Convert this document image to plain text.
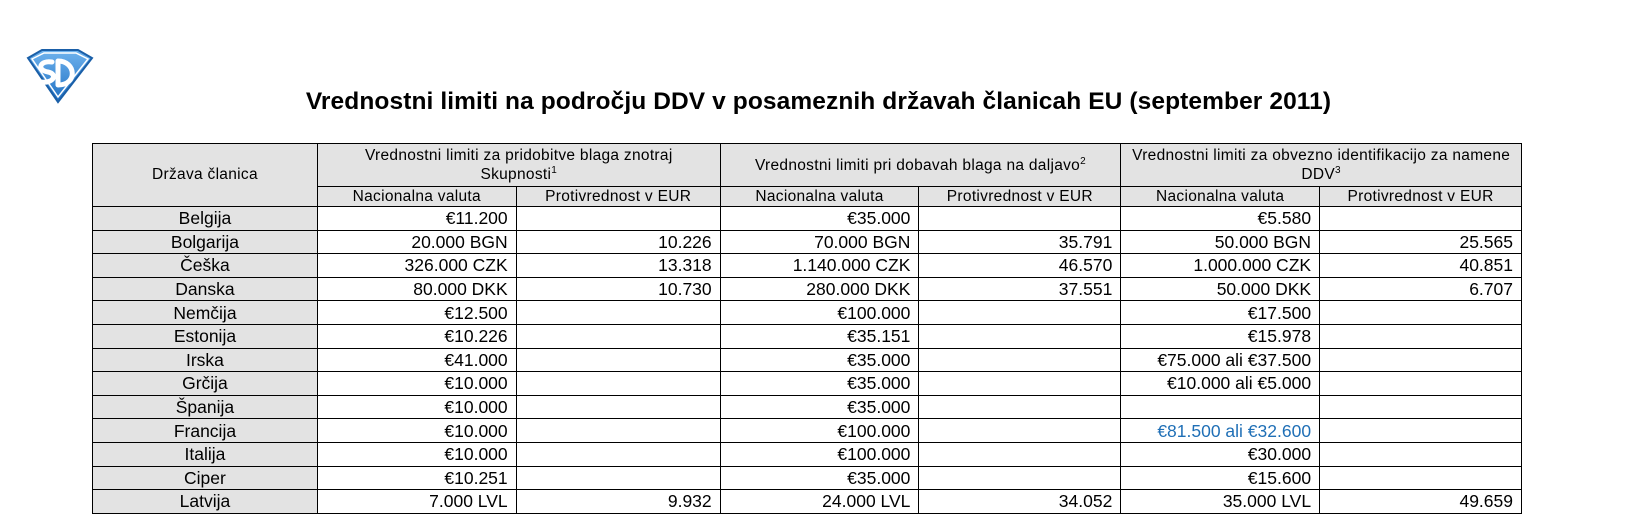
Vrednostni limiti na področju DDV v posameznih državah članicah EU (september 2011)
Država članica	Vrednostni limiti za pridobitve blaga znotraj Skupnosti$^1$		Vrednostni limiti pri dobavah blaga na daljavo$^2$		Vrednostni limiti za obvezno identifikacijo za namene DDV$^3$
	Nacionalna valuta	Protivrednost v EUR	Nacionalna valuta	Protivrednost v EUR	Nacionalna valuta	Protivrednost v EUR
Belgija	€11.200		€35.000		€5.580	
Bolgarija	20.000 BGN	10.226	70.000 BGN	35.791	50.000 BGN	25.565
Češka	326.000 CZK	13.318	1.140.000 CZK	46.570	1.000.000 CZK	40.851
Danska	80.000 DKK	10.730	280.000 DKK	37.551	50.000 DKK	6.707
Nemčija	€12.500		€100.000		€17.500	
Estonija	€10.226		€35.151		€15.978	
Irska	€41.000		€35.000		€75.000 ali €37.500	
Grčija	€10.000		€35.000		€10.000 ali €5.000	
Španija	€10.000		€35.000			
Francija	€10.000		€100.000		€81.500 ali €32.600	
Italija	€10.000		€100.000		€30.000	
Ciper	€10.251		€35.000		€15.600	
Latvija	7.000 LVL	9.932	24.000 LVL	34.052	35.000 LVL	49.659
